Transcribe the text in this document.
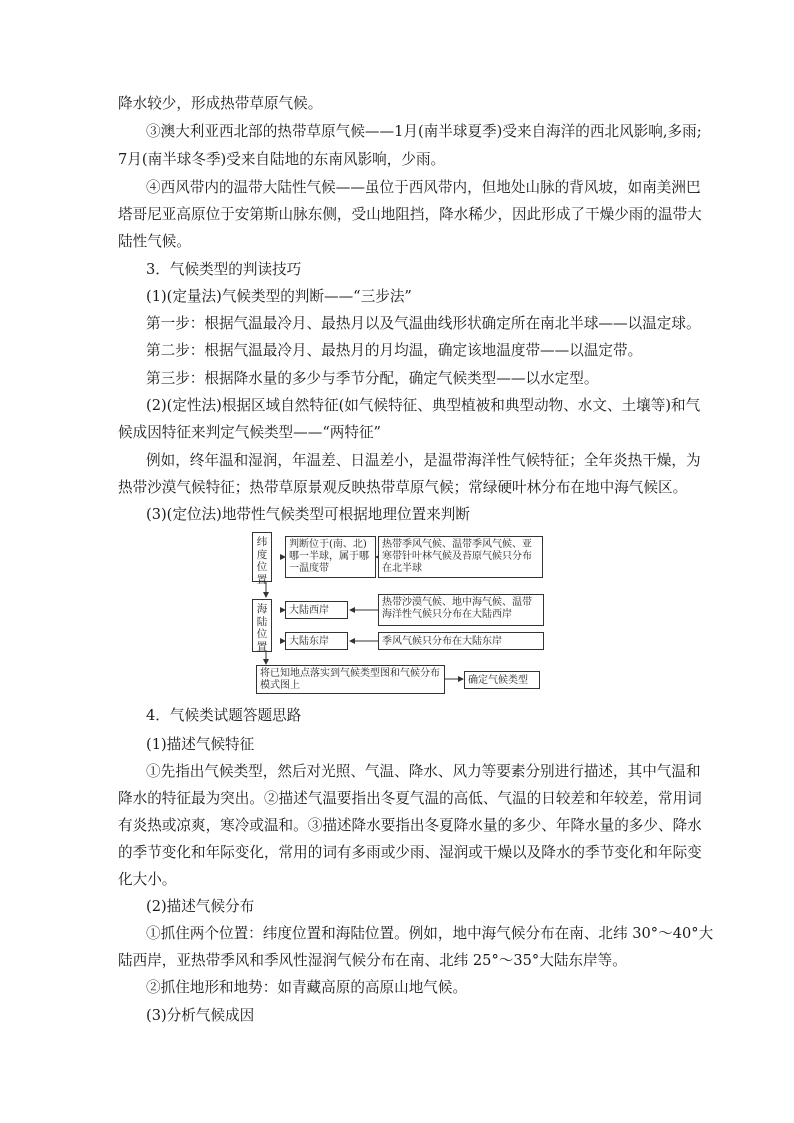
降水较少，形成热带草原气候。
③澳大利亚西北部的热带草原气候——1月(南半球夏季)受来自海洋的西北风影响,多雨;
7月(南半球冬季)受来自陆地的东南风影响，少雨。
④西风带内的温带大陆性气候——虽位于西风带内，但地处山脉的背风坡，如南美洲巴
塔哥尼亚高原位于安第斯山脉东侧，受山地阻挡，降水稀少，因此形成了干燥少雨的温带大
陆性气候。
3．气候类型的判读技巧
(1)(定量法)气候类型的判断——“三步法”
第一步：根据气温最冷月、最热月以及气温曲线形状确定所在南北半球——以温定球。
第二步：根据气温最冷月、最热月的月均温，确定该地温度带——以温定带。
第三步：根据降水量的多少与季节分配，确定气候类型——以水定型。
(2)(定性法)根据区域自然特征(如气候特征、典型植被和典型动物、水文、土壤等)和气
候成因特征来判定气候类型——“两特征”
例如，终年温和湿润，年温差、日温差小，是温带海洋性气候特征；全年炎热干燥，为
热带沙漠气候特征；热带草原景观反映热带草原气候；常绿硬叶林分布在地中海气候区。
(3)(定位法)地带性气候类型可根据地理位置来判断
纬度位置
判断位于(南、北)哪一半球，属于哪一温度带
热带季风气候、温带季风气候、亚寒带针叶林气候及苔原气候只分布在北半球
海陆位置
大陆西岸
热带沙漠气候、地中海气候、温带海洋性气候只分布在大陆西岸
大陆东岸	季风气候只分布在大陆东岸
将已知地点落实到气候类型图和气候分布模式图上	确定气候类型
4．气候类试题答题思路
(1)描述气候特征
①先指出气候类型，然后对光照、气温、降水、风力等要素分别进行描述，其中气温和
降水的特征最为突出。②描述气温要指出冬夏气温的高低、气温的日较差和年较差，常用词
有炎热或凉爽，寒冷或温和。③描述降水要指出冬夏降水量的多少、年降水量的多少、降水
的季节变化和年际变化，常用的词有多雨或少雨、湿润或干燥以及降水的季节变化和年际变
化大小。
(2)描述气候分布
①抓住两个位置：纬度位置和海陆位置。例如，地中海气候分布在南、北纬 30°～40°大
陆西岸，亚热带季风和季风性湿润气候分布在南、北纬 25°～35°大陆东岸等。
②抓住地形和地势：如青藏高原的高原山地气候。
(3)分析气候成因
